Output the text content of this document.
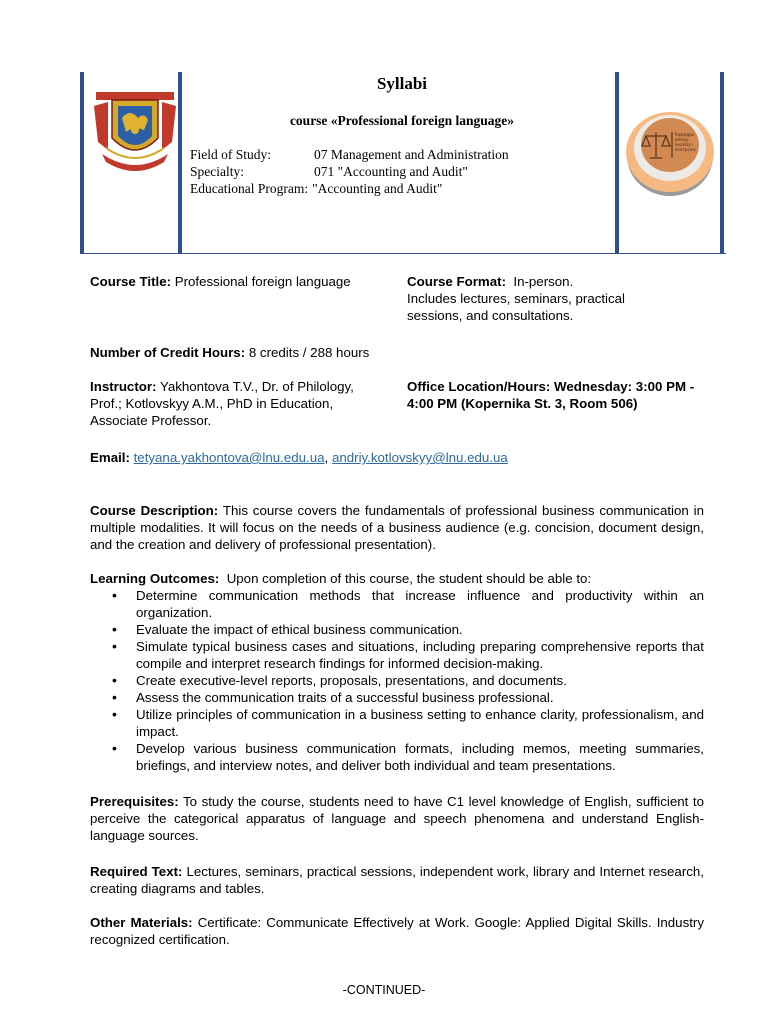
Syllabi
course «Professional foreign language»
Field of Study:	07 Management and Administration
Specialty:	071 "Accounting and Audit"
Educational Program: "Accounting and Audit"
Кафедра
обліку,
аналізу і
контролю
Course Title: Professional foreign language	Course Format: In-person.
Includes lectures, seminars, practical sessions, and consultations.
Number of Credit Hours: 8 credits / 288 hours
Instructor: Yakhontova T.V., Dr. of Philology, Prof.; Kotlovskyy A.M., PhD in Education, Associate Professor.
Office Location/Hours: Wednesday: 3:00 PM - 4:00 PM (Kopernika St. 3, Room 506)
Email: tetyana.yakhontova@lnu.edu.ua, andriy.kotlovskyy@lnu.edu.ua
Course Description: This course covers the fundamentals of professional business communication in multiple modalities. It will focus on the needs of a business audience (e.g. concision, document design, and the creation and delivery of professional presentation).
Learning Outcomes: Upon completion of this course, the student should be able to:
• Determine communication methods that increase influence and productivity within an organization.
• Evaluate the impact of ethical business communication.
• Simulate typical business cases and situations, including preparing comprehensive reports that compile and interpret research findings for informed decision-making.
• Create executive-level reports, proposals, presentations, and documents.
• Assess the communication traits of a successful business professional.
• Utilize principles of communication in a business setting to enhance clarity, professionalism, and impact.
• Develop various business communication formats, including memos, meeting summaries, briefings, and interview notes, and deliver both individual and team presentations.
Prerequisites: To study the course, students need to have C1 level knowledge of English, sufficient to perceive the categorical apparatus of language and speech phenomena and understand English-language sources.
Required Text: Lectures, seminars, practical sessions, independent work, library and Internet research, creating diagrams and tables.
Other Materials: Certificate: Communicate Effectively at Work. Google: Applied Digital Skills. Industry recognized certification.
-CONTINUED-
